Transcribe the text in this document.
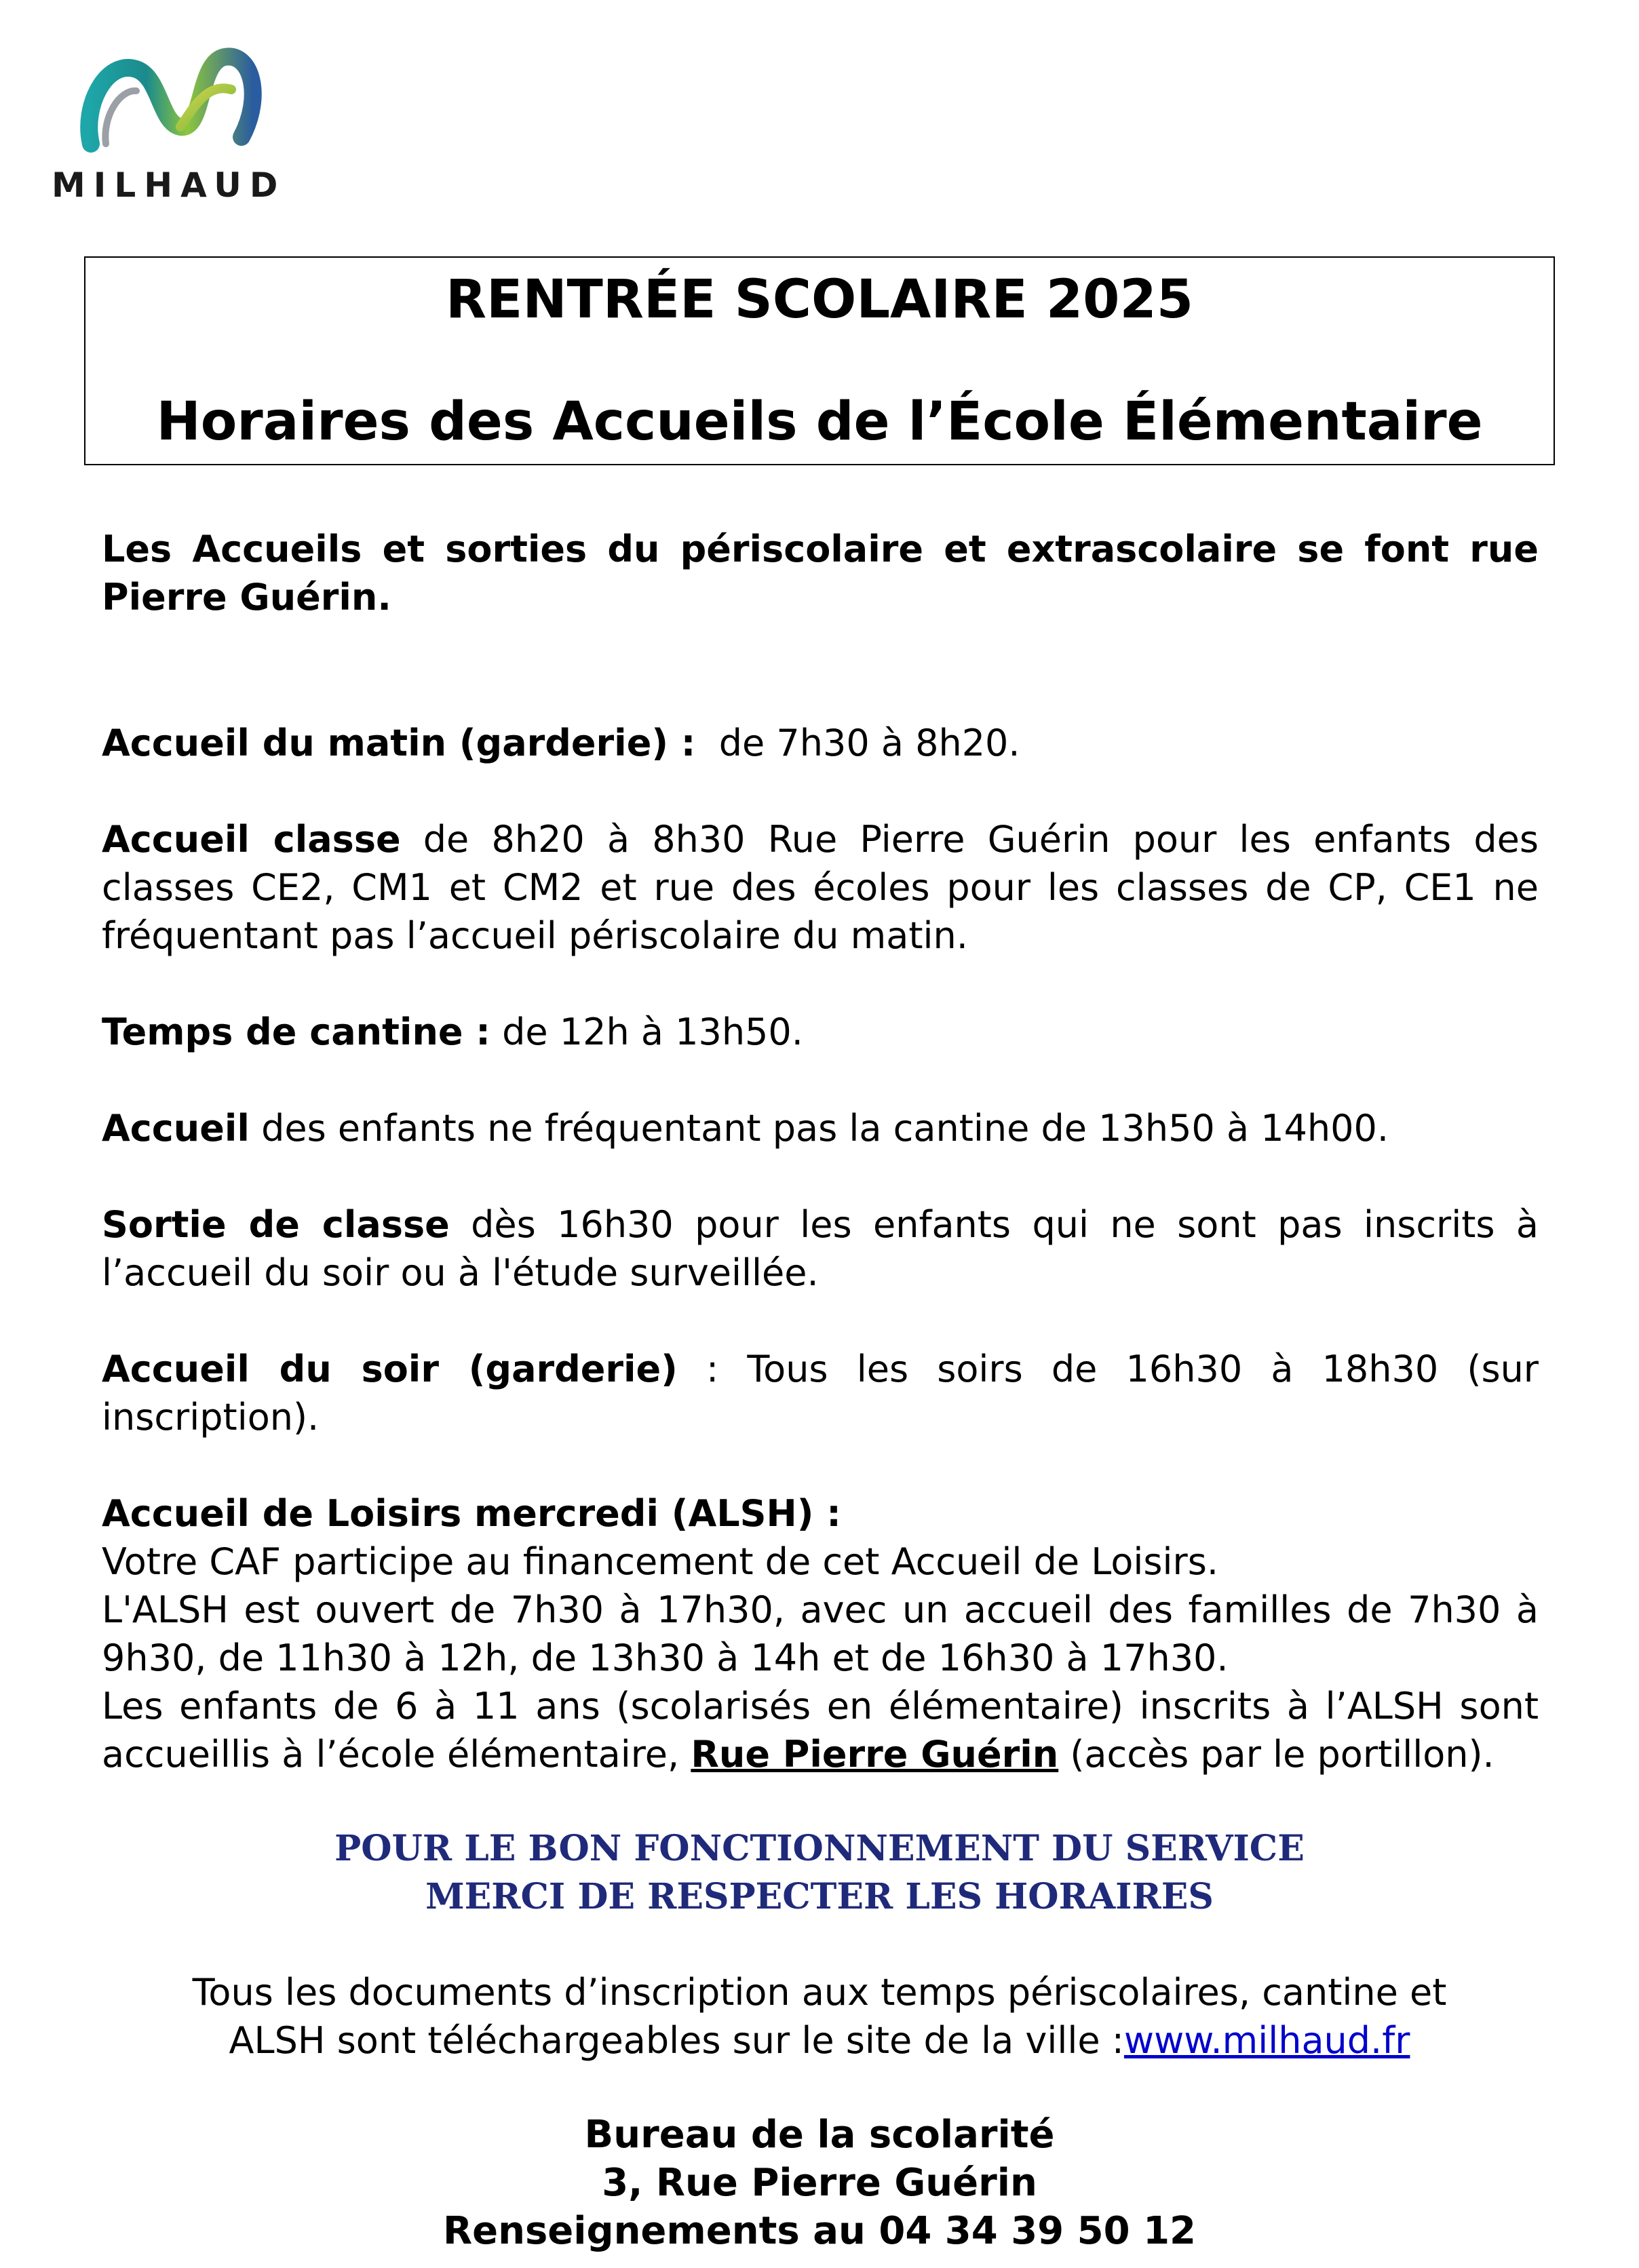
MILHAUD
RENTRÉE SCOLAIRE 2025
Horaires des Accueils de l’École Élémentaire

Les Accueils et sorties du périscolaire et extrascolaire se font rue Pierre Guérin.

Accueil du matin (garderie) : de 7h30 à 8h20.

Accueil classe de 8h20 à 8h30 Rue Pierre Guérin pour les enfants des classes CE2, CM1 et CM2 et rue des écoles pour les classes de CP, CE1 ne fréquentant pas l’accueil périscolaire du matin.

Temps de cantine : de 12h à 13h50.

Accueil des enfants ne fréquentant pas la cantine de 13h50 à 14h00.

Sortie de classe dès 16h30 pour les enfants qui ne sont pas inscrits à l’accueil du soir ou à l'étude surveillée.

Accueil du soir (garderie) : Tous les soirs de 16h30 à 18h30 (sur inscription).

Accueil de Loisirs mercredi (ALSH) :

Votre CAF participe au financement de cet Accueil de Loisirs.

L'ALSH est ouvert de 7h30 à 17h30, avec un accueil des familles de 7h30 à 9h30, de 11h30 à 12h, de 13h30 à 14h et de 16h30 à 17h30.

Les enfants de 6 à 11 ans (scolarisés en élémentaire) inscrits à l’ALSH sont accueillis à l’école élémentaire, Rue Pierre Guérin (accès par le portillon).

POUR LE BON FONCTIONNEMENT DU SERVICE
MERCI DE RESPECTER LES HORAIRES
Tous les documents d’inscription aux temps périscolaires, cantine et
ALSH sont téléchargeables sur le site de la ville :www.milhaud.fr
Bureau de la scolarité
3, Rue Pierre Guérin
Renseignements au 04 34 39 50 12
